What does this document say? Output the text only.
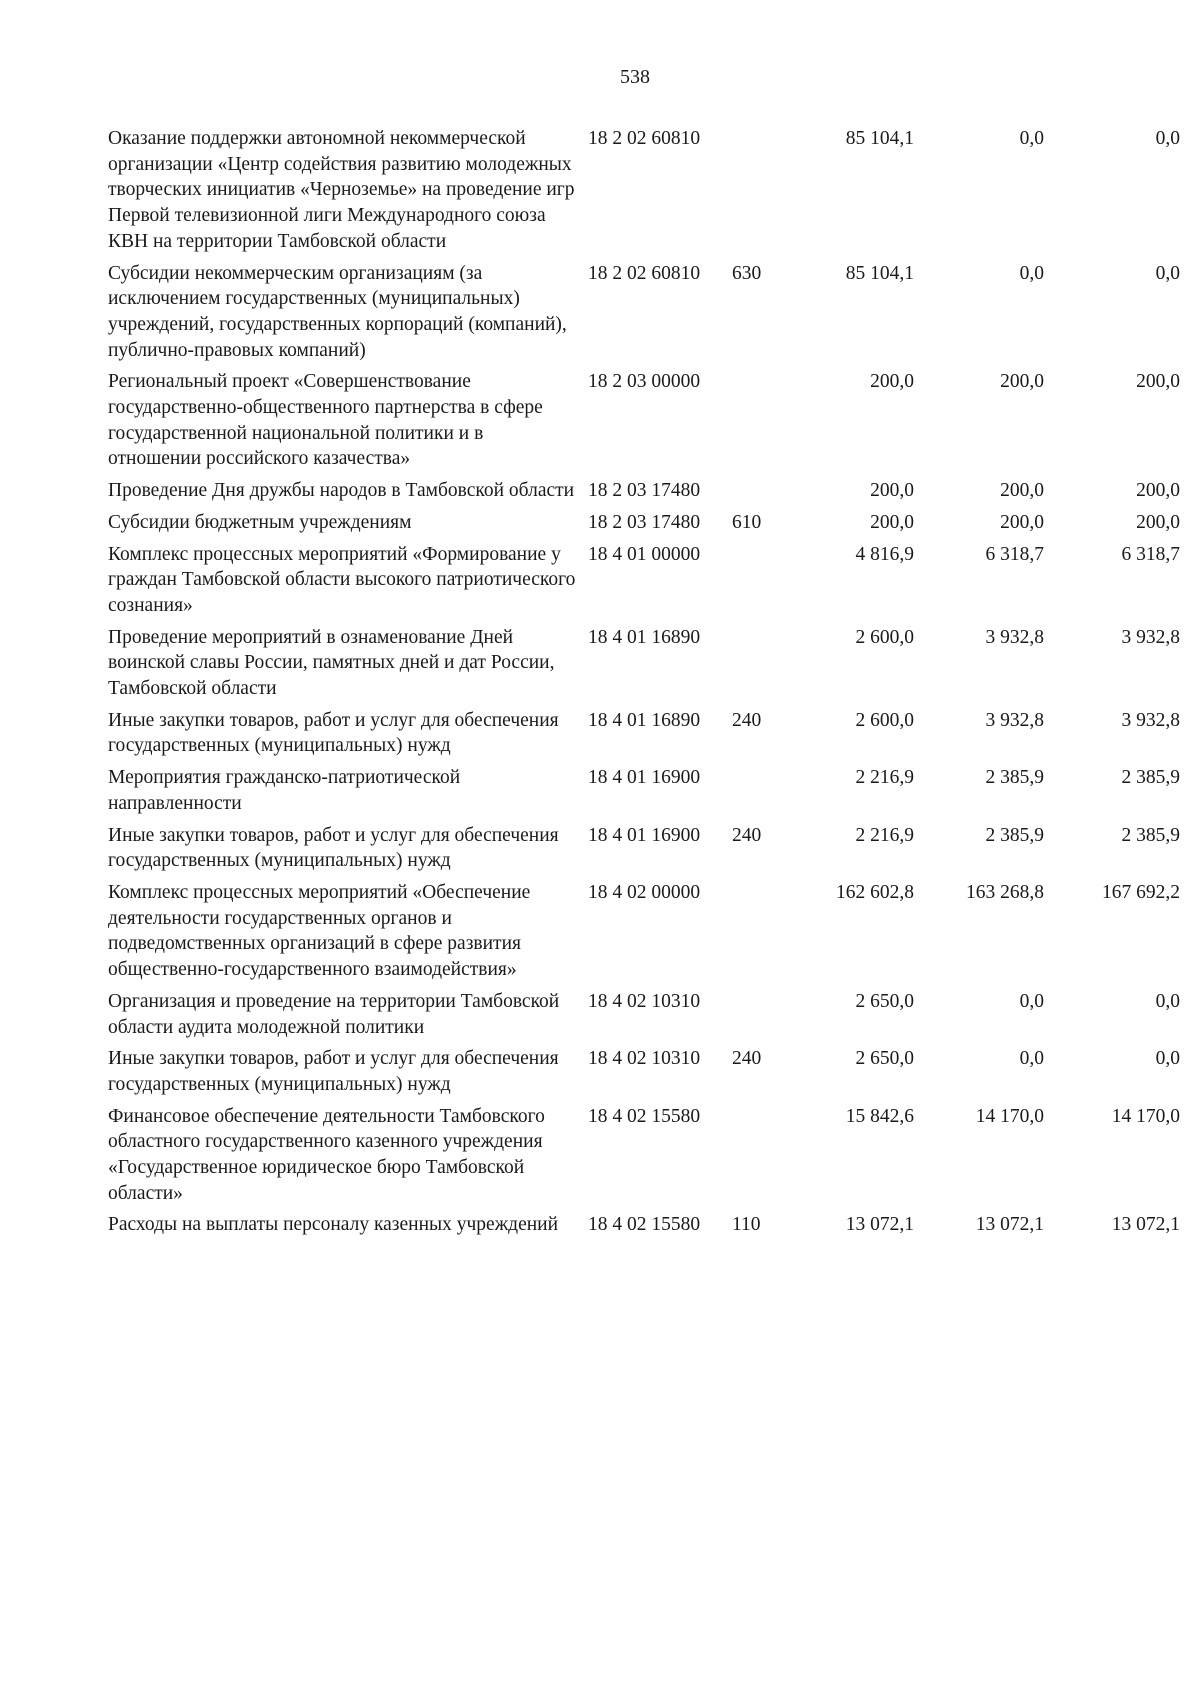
538
Оказание поддержки автономной некоммерческой организации «Центр содействия развитию молодежных творческих инициатив «Черноземье» на проведение игр Первой телевизионной лиги Международного союза КВН на территории Тамбовской области	18 2 02 60810		85 104,1	0,0	0,0
Субсидии некоммерческим организациям (за исключением государственных (муниципальных) учреждений, государственных корпораций (компаний), публично-правовых компаний)	18 2 02 60810	630	85 104,1	0,0	0,0
Региональный проект «Совершенствование государственно-общественного партнерства в сфере государственной национальной политики и в отношении российского казачества»	18 2 03 00000		200,0	200,0	200,0
Проведение Дня дружбы народов в Тамбовской области	18 2 03 17480		200,0	200,0	200,0
Субсидии бюджетным учреждениям	18 2 03 17480	610	200,0	200,0	200,0
Комплекс процессных мероприятий «Формирование у граждан Тамбовской области высокого патриотического сознания»	18 4 01 00000		4 816,9	6 318,7	6 318,7
Проведение мероприятий в ознаменование Дней воинской славы России, памятных дней и дат России, Тамбовской области	18 4 01 16890		2 600,0	3 932,8	3 932,8
Иные закупки товаров, работ и услуг для обеспечения государственных (муниципальных) нужд	18 4 01 16890	240	2 600,0	3 932,8	3 932,8
Мероприятия гражданско-патриотической направленности	18 4 01 16900		2 216,9	2 385,9	2 385,9
Иные закупки товаров, работ и услуг для обеспечения государственных (муниципальных) нужд	18 4 01 16900	240	2 216,9	2 385,9	2 385,9
Комплекс процессных мероприятий «Обеспечение деятельности государственных органов и подведомственных организаций в сфере развития общественно-государственного взаимодействия»	18 4 02 00000		162 602,8	163 268,8	167 692,2
Организация и проведение на территории Тамбовской области аудита молодежной политики	18 4 02 10310		2 650,0	0,0	0,0
Иные закупки товаров, работ и услуг для обеспечения государственных (муниципальных) нужд	18 4 02 10310	240	2 650,0	0,0	0,0
Финансовое обеспечение деятельности Тамбовского областного государственного казенного учреждения «Государственное юридическое бюро Тамбовской области»	18 4 02 15580		15 842,6	14 170,0	14 170,0
Расходы на выплаты персоналу казенных учреждений	18 4 02 15580	110	13 072,1	13 072,1	13 072,1
